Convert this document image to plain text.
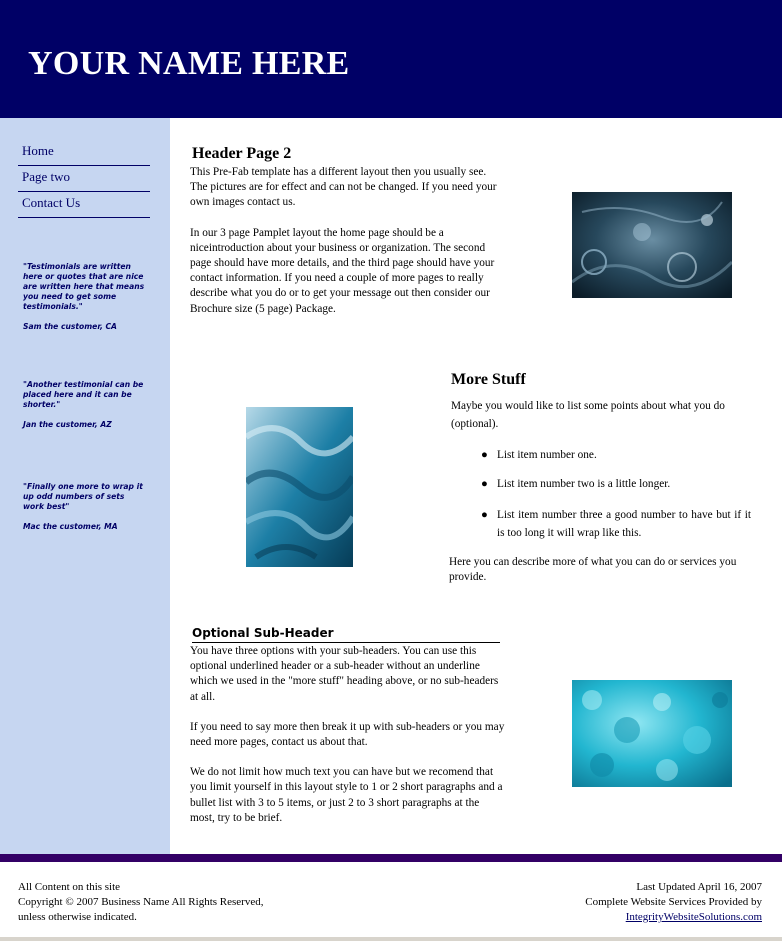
YOUR NAME HERE
Home
Page two
Contact Us
"Testimonials are written here or quotes that are nice are written here that means you need to get some testimonials."
Sam the customer, CA
"Another testimonial can be placed here and it can be shorter."
Jan the customer, AZ
"Finally one more to wrap it up odd numbers of sets work best"
Mac the customer, MA
Header Page 2

This Pre-Fab template has a different layout then you usually see. The pictures are for effect and can not be changed. If you need your own images contact us.

In our 3 page Pamplet layout the home page should be a niceintroduction about your business or organization. The second page should have more details, and the third page should have your contact information. If you need a couple of more pages to really describe what you do or to get your message out then consider our Brochure size (5 page) Package.

More Stuff
Maybe you would like to list some points about what you do (optional).
● List item number one.
● List item number two is a little longer.
● List item number three a good number to have but if it is too long it will wrap like this.
Here you can describe more of what you can do or services you provide.
Optional Sub-Header

You have three options with your sub-headers. You can use this optional underlined header or a sub-header without an underline which we used in the "more stuff" heading above, or no sub-headers at all.

If you need to say more then break it up with sub-headers or you may need more pages, contact us about that.

We do not limit how much text you can have but we recomend that you limit yourself in this layout style to 1 or 2 short paragraphs and a bullet list with 3 to 5 items, or just 2 to 3 short paragraphs at the most, try to be brief.

All Content on this site
Copyright © 2007 Business Name All Rights Reserved,
unless otherwise indicated.
Last Updated April 16, 2007
Complete Website Services Provided by
IntegrityWebsiteSolutions.com
